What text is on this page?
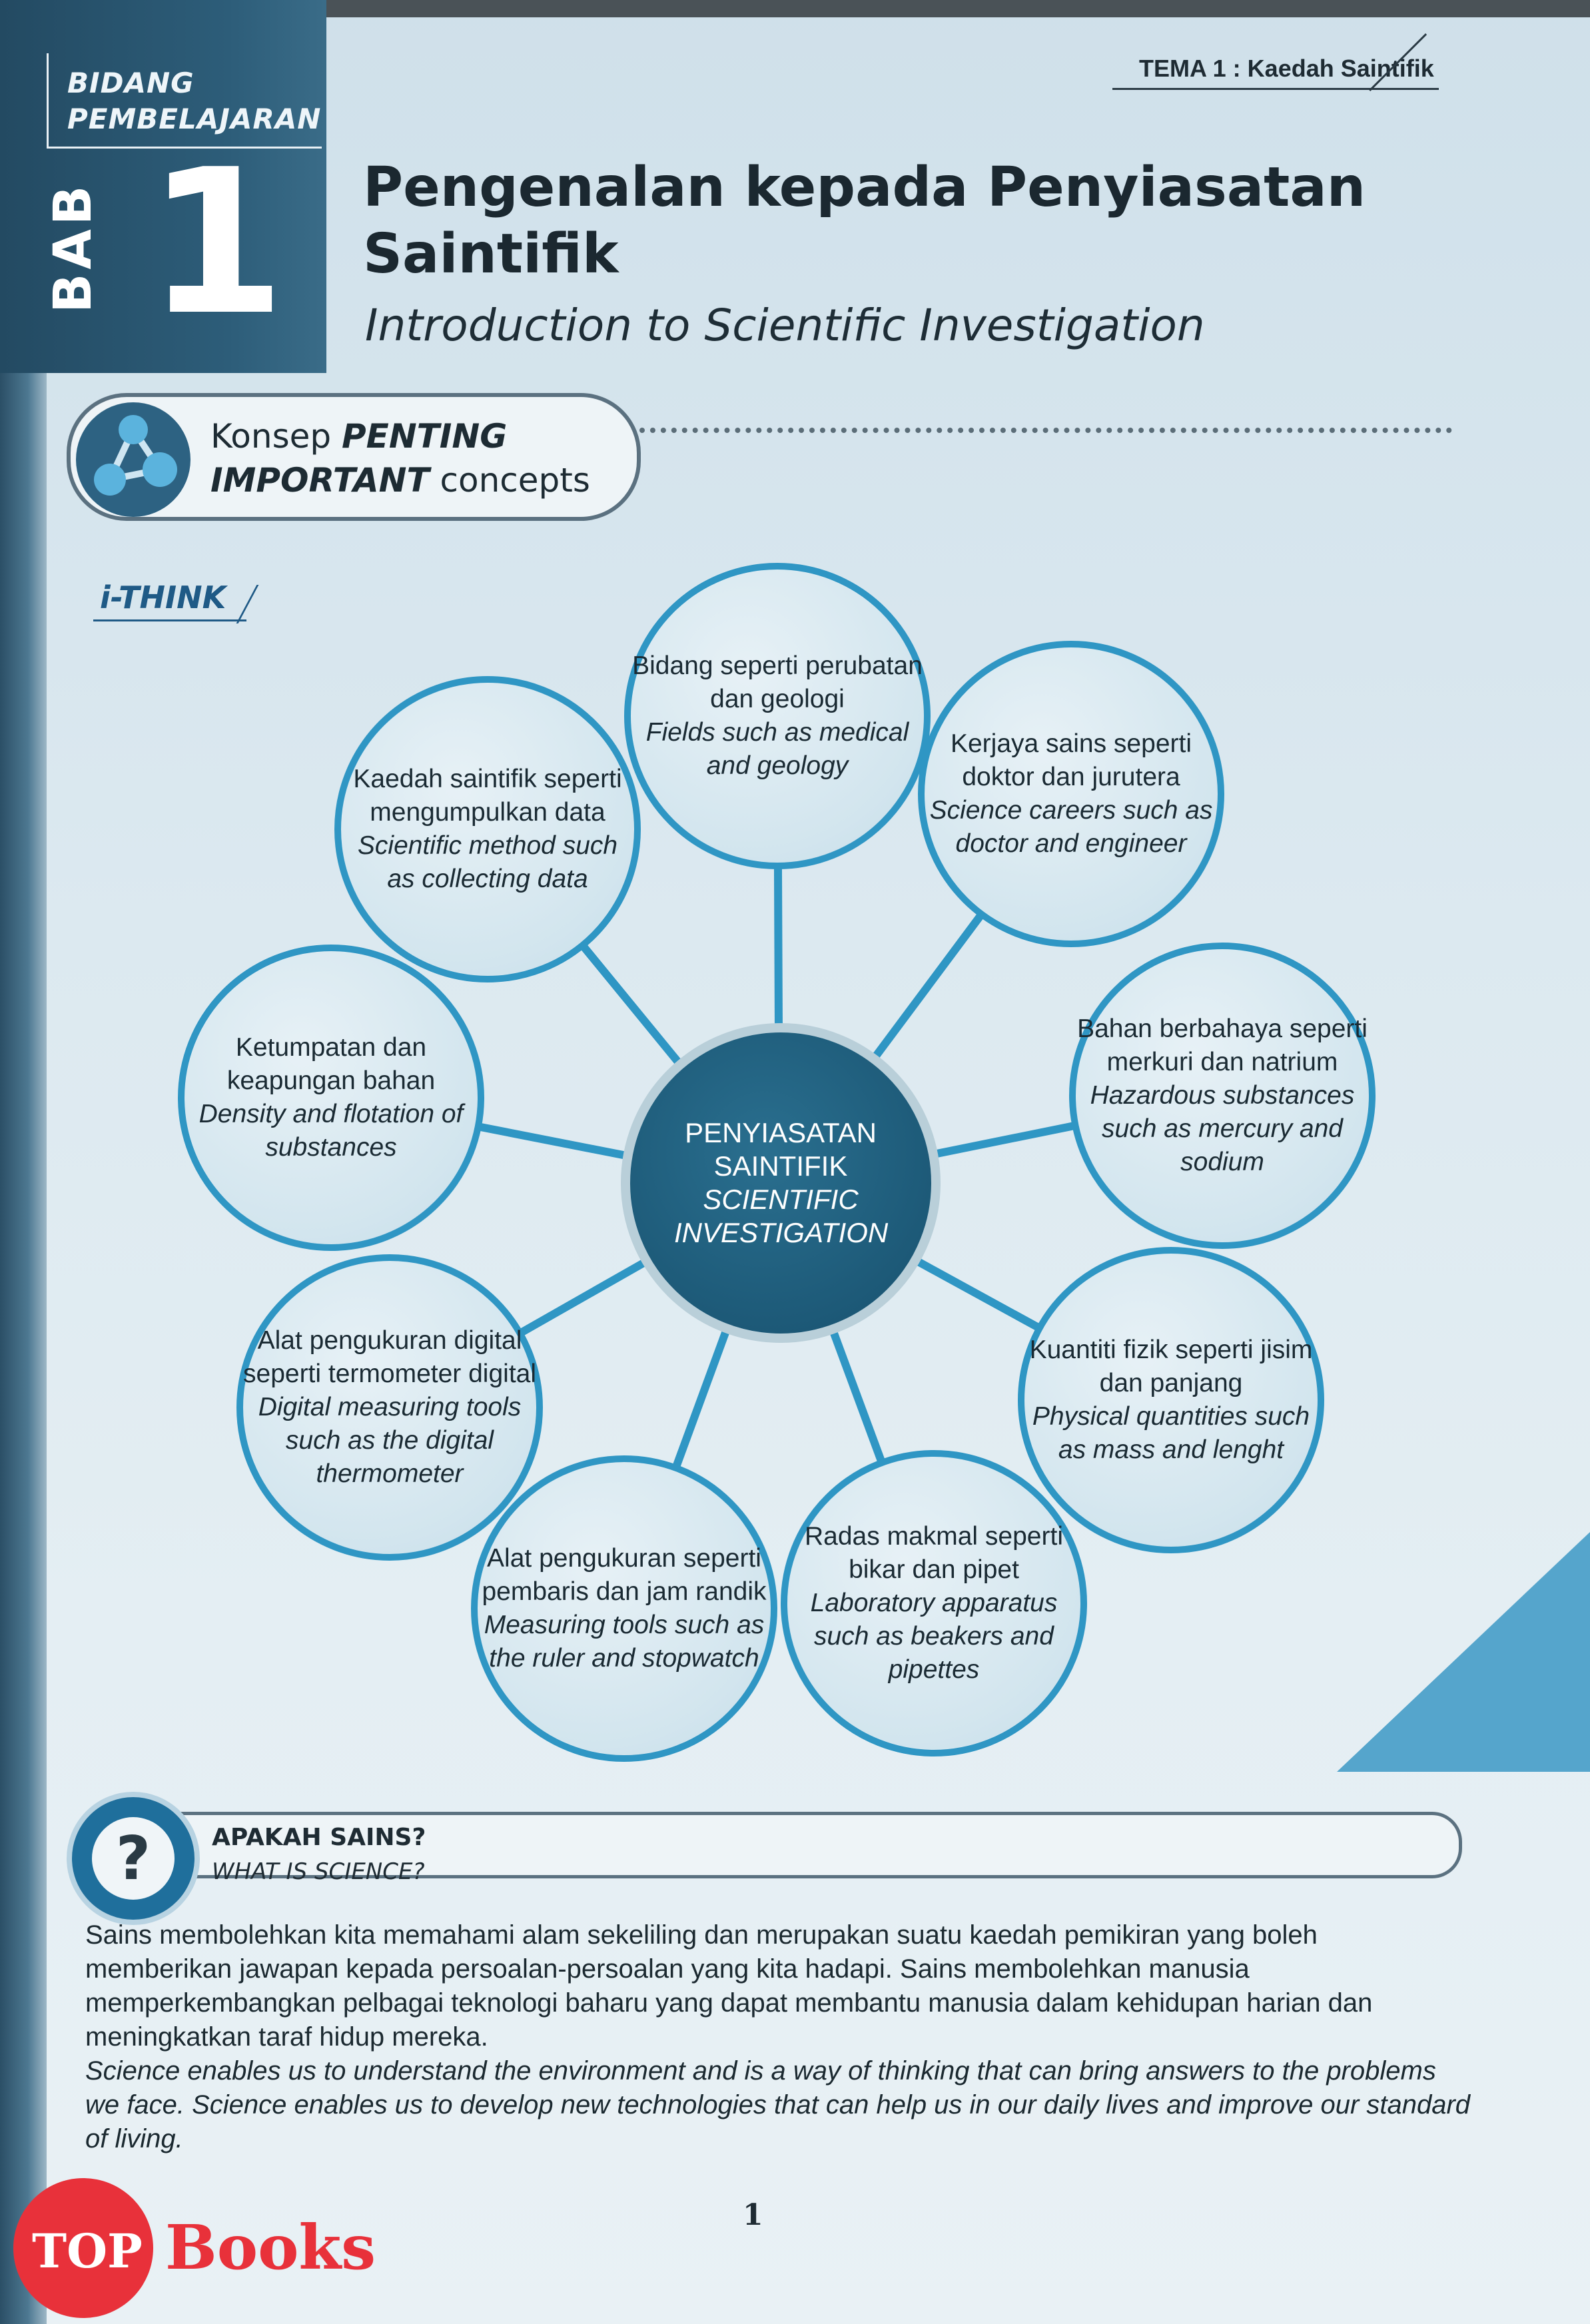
BIDANG
PEMBELAJARAN
BAB 1
TEMA 1 : Kaedah Saintifik
Pengenalan kepada Penyiasatan Saintifik
Introduction to Scientific Investigation
Konsep PENTING
IMPORTANT concepts
i-THINK
Bidang seperti perubatan dan geologi
Fields such as medical and geology
Kerjaya sains seperti doktor dan jurutera
Science careers such as doctor and engineer
Bahan berbahaya seperti merkuri dan natrium
Hazardous substances such as mercury and sodium
Kuantiti fizik seperti jisim dan panjang
Physical quantities such as mass and lenght
Radas makmal seperti bikar dan pipet
Laboratory apparatus such as beakers and pipettes
Alat pengukuran seperti pembaris dan jam randik
Measuring tools such as the ruler and stopwatch
Alat pengukuran digital seperti termometer digital
Digital measuring tools such as the digital thermometer
Ketumpatan dan keapungan bahan
Density and flotation of substances
Kaedah saintifik seperti mengumpulkan data
Scientific method such as collecting data
PENYIASATAN SAINTIFIK
SCIENTIFIC INVESTIGATION
?	APAKAH SAINS?
WHAT IS SCIENCE?
Sains membolehkan kita memahami alam sekeliling dan merupakan suatu kaedah pemikiran yang boleh memberikan jawapan kepada persoalan-persoalan yang kita hadapi. Sains membolehkan manusia memperkembangkan pelbagai teknologi baharu yang dapat membantu manusia dalam kehidupan harian dan meningkatkan taraf hidup mereka.
Science enables us to understand the environment and is a way of thinking that can bring answers to the problems we face. Science enables us to develop new technologies that can help us in our daily lives and improve our standard of living.
1
TOP Books
